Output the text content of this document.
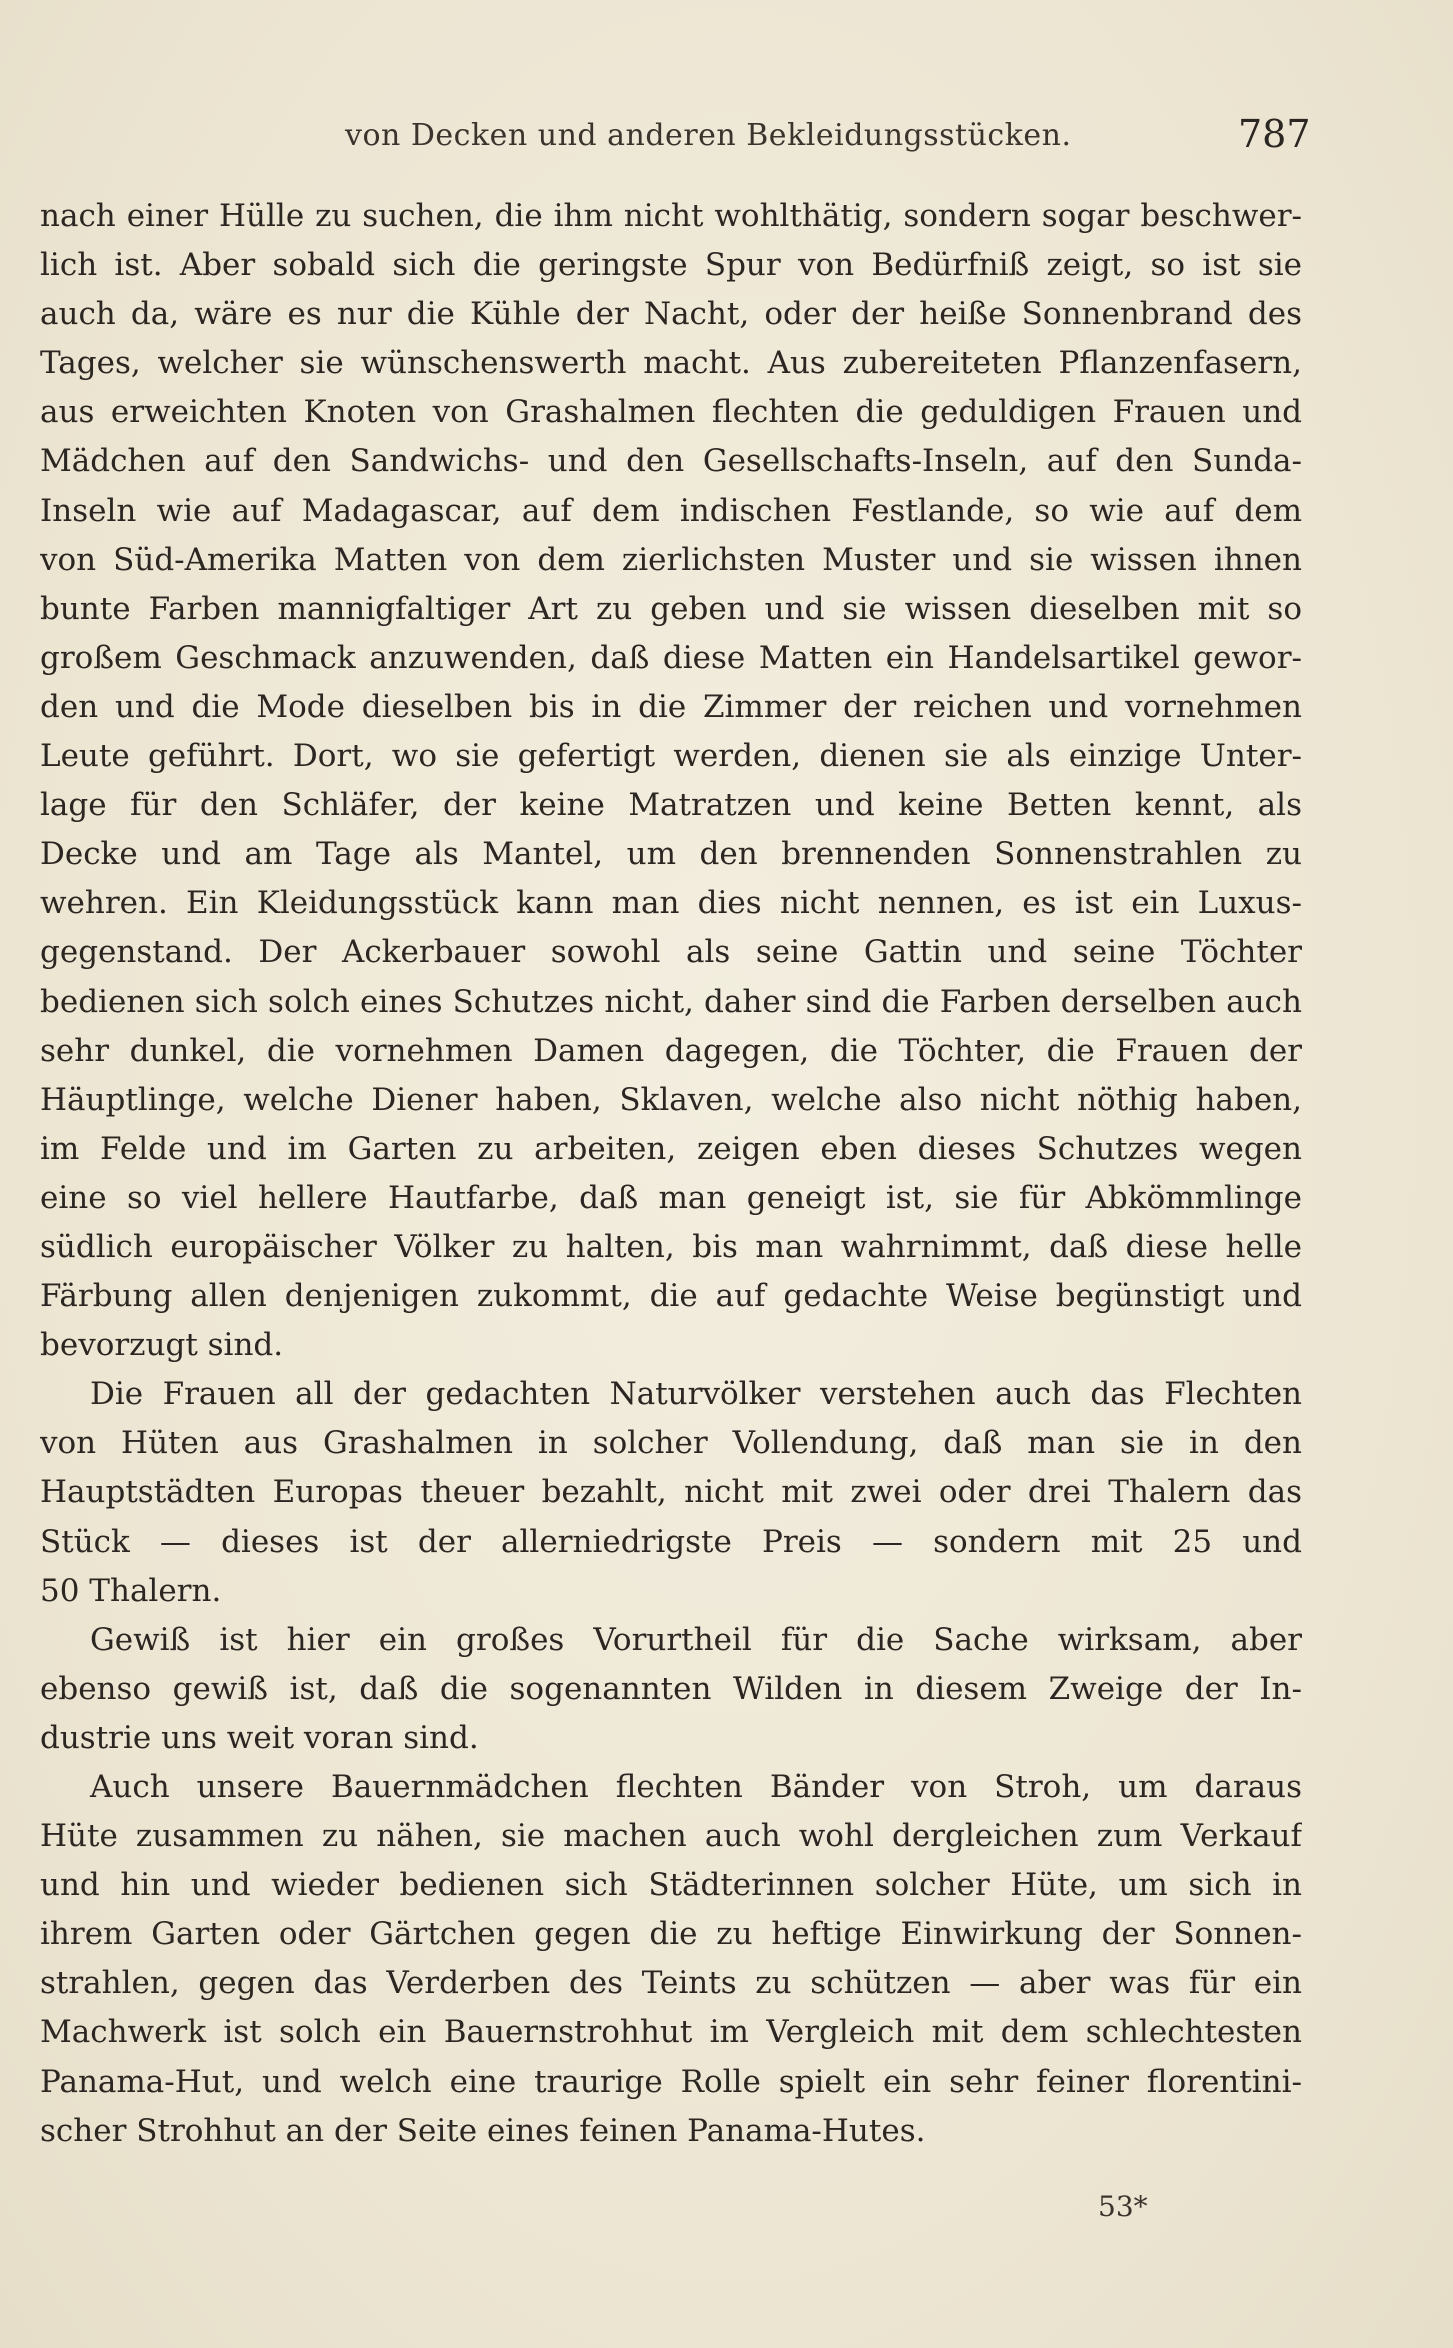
von Decken und anderen Bekleidungsstücken.	787
nach einer Hülle zu suchen, die ihm nicht wohlthätig, sondern sogar beschwer-
lich ist. Aber sobald sich die geringste Spur von Bedürfniß zeigt, so ist sie
auch da, wäre es nur die Kühle der Nacht, oder der heiße Sonnenbrand des
Tages, welcher sie wünschenswerth macht. Aus zubereiteten Pflanzenfasern,
aus erweichten Knoten von Grashalmen flechten die geduldigen Frauen und
Mädchen auf den Sandwichs- und den Gesellschafts-Inseln, auf den Sunda-
Inseln wie auf Madagascar, auf dem indischen Festlande, so wie auf dem
von Süd-Amerika Matten von dem zierlichsten Muster und sie wissen ihnen
bunte Farben mannigfaltiger Art zu geben und sie wissen dieselben mit so
großem Geschmack anzuwenden, daß diese Matten ein Handelsartikel gewor-
den und die Mode dieselben bis in die Zimmer der reichen und vornehmen
Leute geführt. Dort, wo sie gefertigt werden, dienen sie als einzige Unter-
lage für den Schläfer, der keine Matratzen und keine Betten kennt, als
Decke und am Tage als Mantel, um den brennenden Sonnenstrahlen zu
wehren. Ein Kleidungsstück kann man dies nicht nennen, es ist ein Luxus-
gegenstand. Der Ackerbauer sowohl als seine Gattin und seine Töchter
bedienen sich solch eines Schutzes nicht, daher sind die Farben derselben auch
sehr dunkel, die vornehmen Damen dagegen, die Töchter, die Frauen der
Häuptlinge, welche Diener haben, Sklaven, welche also nicht nöthig haben,
im Felde und im Garten zu arbeiten, zeigen eben dieses Schutzes wegen
eine so viel hellere Hautfarbe, daß man geneigt ist, sie für Abkömmlinge
südlich europäischer Völker zu halten, bis man wahrnimmt, daß diese helle
Färbung allen denjenigen zukommt, die auf gedachte Weise begünstigt und
bevorzugt sind.
Die Frauen all der gedachten Naturvölker verstehen auch das Flechten
von Hüten aus Grashalmen in solcher Vollendung, daß man sie in den
Hauptstädten Europas theuer bezahlt, nicht mit zwei oder drei Thalern das
Stück — dieses ist der allerniedrigste Preis — sondern mit 25 und
50 Thalern.
Gewiß ist hier ein großes Vorurtheil für die Sache wirksam, aber
ebenso gewiß ist, daß die sogenannten Wilden in diesem Zweige der In-
dustrie uns weit voran sind.
Auch unsere Bauernmädchen flechten Bänder von Stroh, um daraus
Hüte zusammen zu nähen, sie machen auch wohl dergleichen zum Verkauf
und hin und wieder bedienen sich Städterinnen solcher Hüte, um sich in
ihrem Garten oder Gärtchen gegen die zu heftige Einwirkung der Sonnen-
strahlen, gegen das Verderben des Teints zu schützen — aber was für ein
Machwerk ist solch ein Bauernstrohhut im Vergleich mit dem schlechtesten
Panama-Hut, und welch eine traurige Rolle spielt ein sehr feiner florentini-
scher Strohhut an der Seite eines feinen Panama-Hutes.
53*
